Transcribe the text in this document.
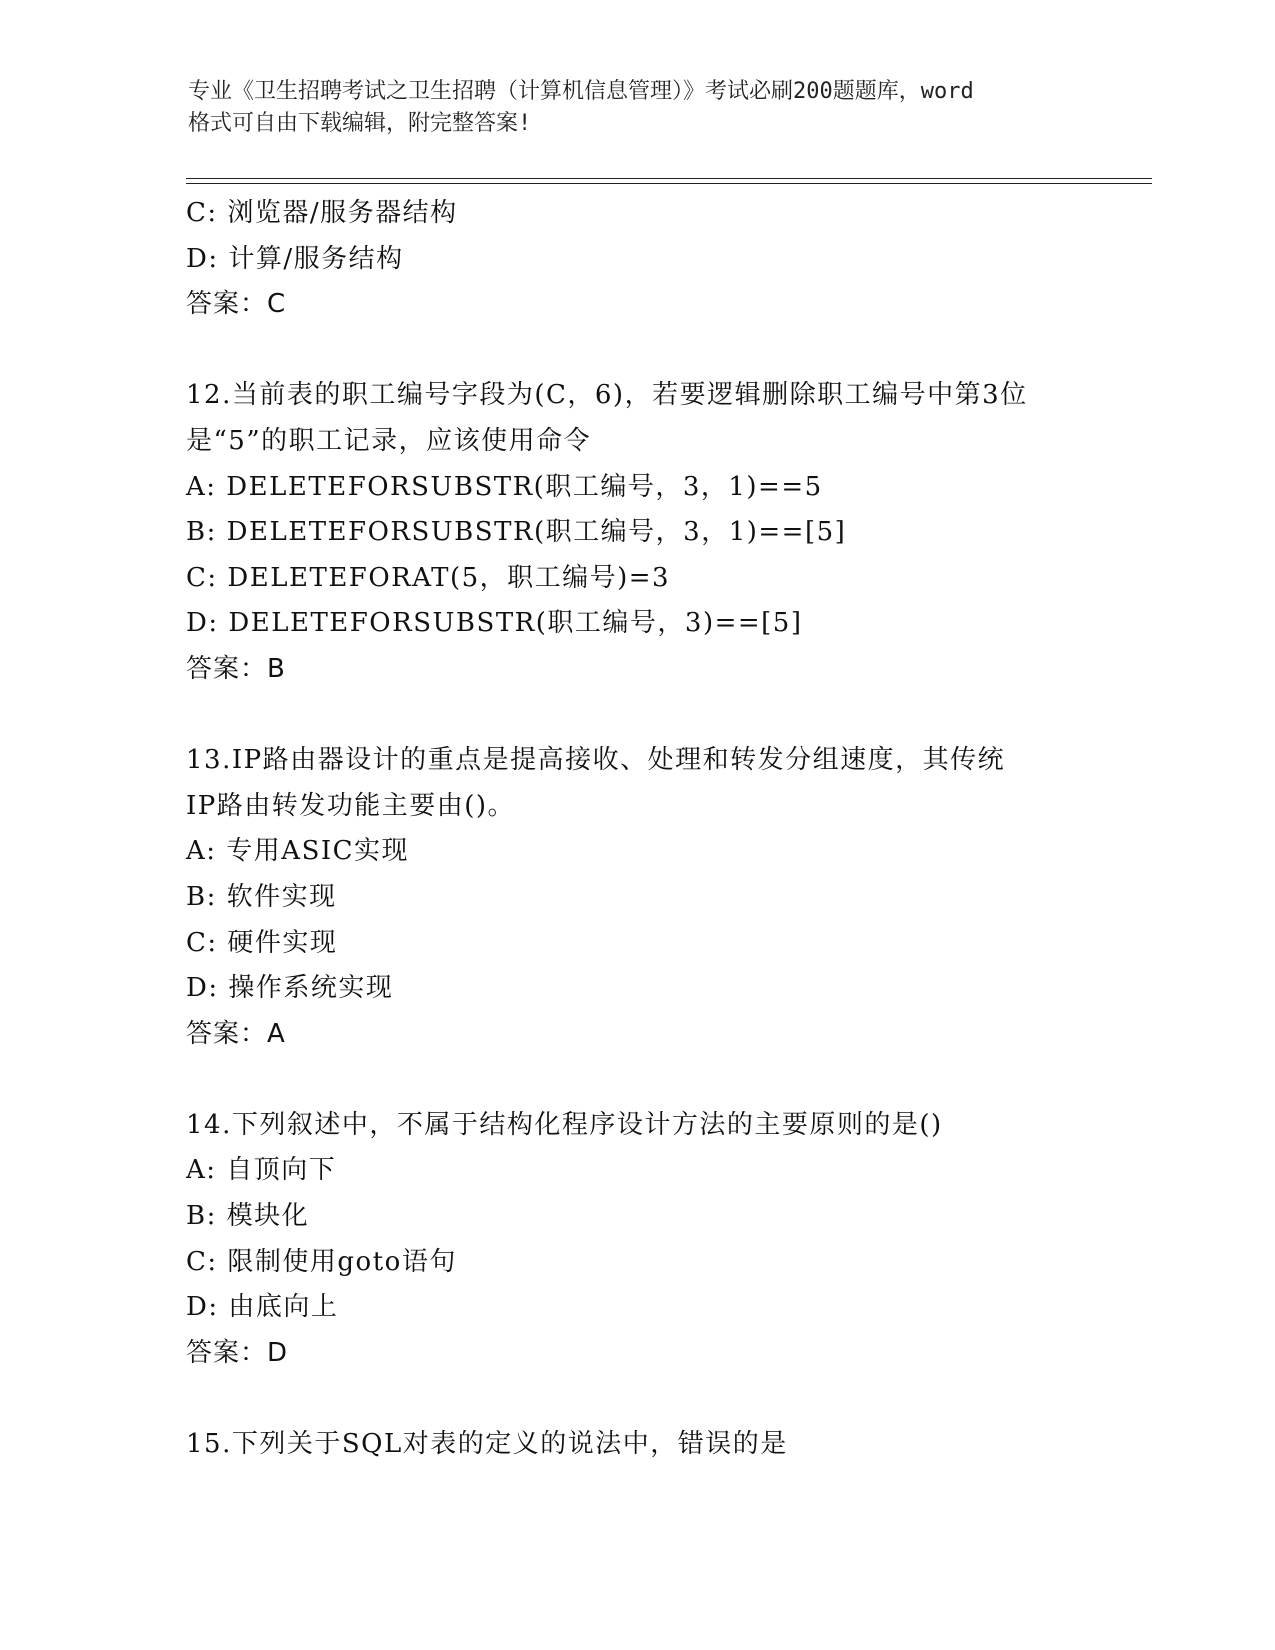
专业《卫生招聘考试之卫生招聘（计算机信息管理）》考试必刷200题题库，word
格式可自由下载编辑，附完整答案!
C: 浏览器/服务器结构
D: 计算/服务结构
答案：C
12.当前表的职工编号字段为(C，6)，若要逻辑删除职工编号中第3位
是“5”的职工记录，应该使用命令
A: DELETEFORSUBSTR(职工编号，3，1)==5
B: DELETEFORSUBSTR(职工编号，3，1)==[5]
C: DELETEFORAT(5，职工编号)=3
D: DELETEFORSUBSTR(职工编号，3)==[5]
答案：B
13.IP路由器设计的重点是提高接收、处理和转发分组速度，其传统
IP路由转发功能主要由()。
A: 专用ASIC实现
B: 软件实现
C: 硬件实现
D: 操作系统实现
答案：A
14.下列叙述中，不属于结构化程序设计方法的主要原则的是()
A: 自顶向下
B: 模块化
C: 限制使用goto语句
D: 由底向上
答案：D
15.下列关于SQL对表的定义的说法中，错误的是
